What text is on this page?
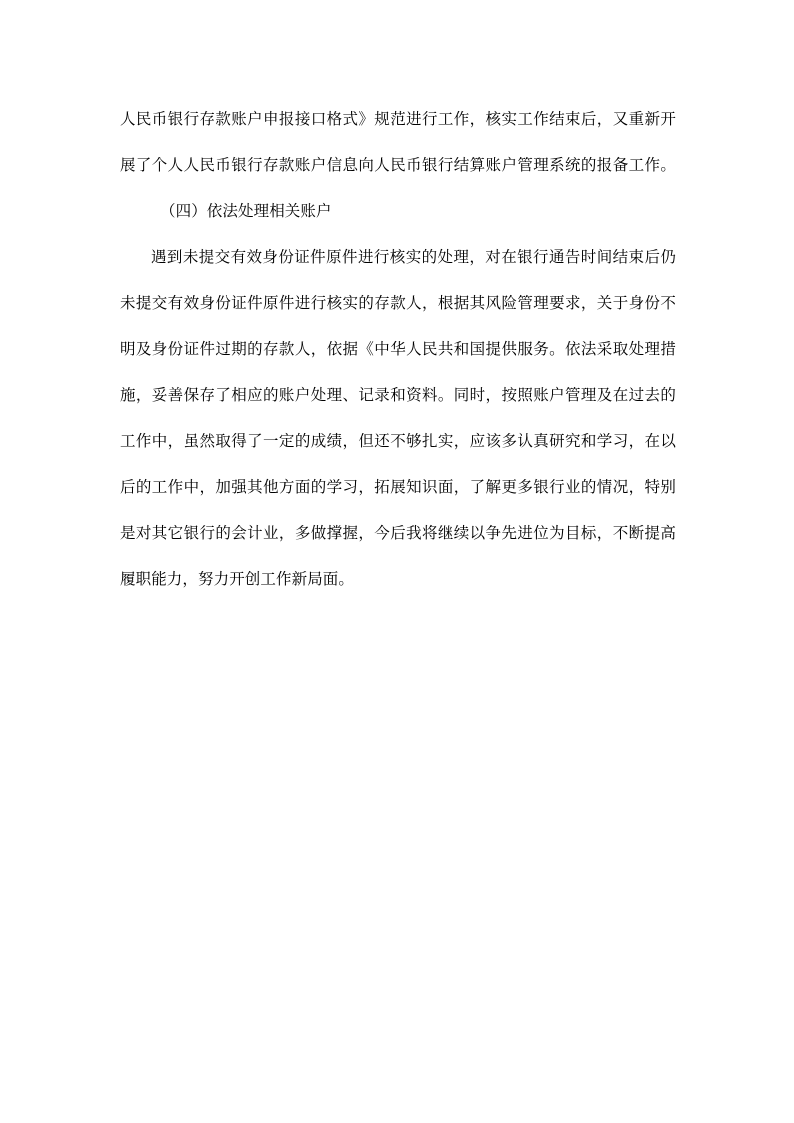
人民币银行存款账户申报接口格式》规范进行工作，核实工作结束后，又重新开
展了个人人民币银行存款账户信息向人民币银行结算账户管理系统的报备工作。
（四）依法处理相关账户
遇到未提交有效身份证件原件进行核实的处理，对在银行通告时间结束后仍
未提交有效身份证件原件进行核实的存款人，根据其风险管理要求，关于身份不
明及身份证件过期的存款人，依据《中华人民共和国提供服务。依法采取处理措
施，妥善保存了相应的账户处理、记录和资料。同时，按照账户管理及在过去的
工作中，虽然取得了一定的成绩，但还不够扎实，应该多认真研究和学习，在以
后的工作中，加强其他方面的学习，拓展知识面，了解更多银行业的情况，特别
是对其它银行的会计业，多做撑握，今后我将继续以争先进位为目标，不断提高
履职能力，努力开创工作新局面。
